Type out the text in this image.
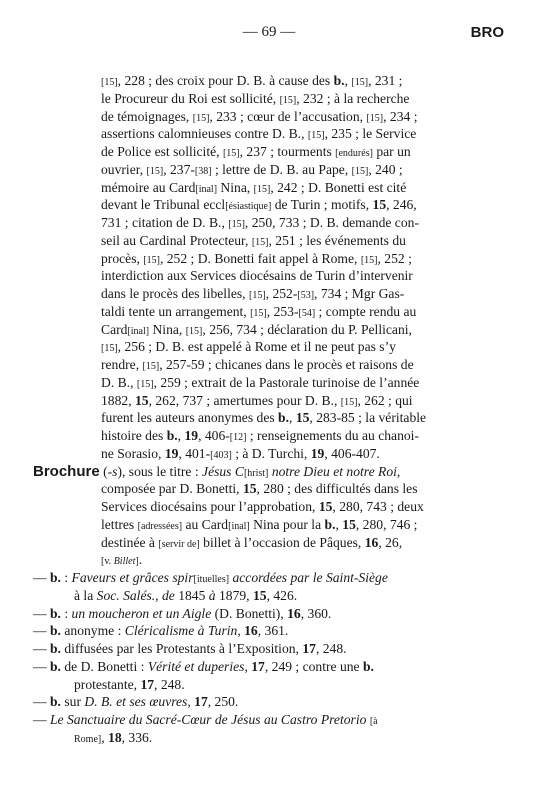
— 69 —	BRO
[15], 228 ; des croix pour D. B. à cause des b., [15], 231 ;
le Procureur du Roi est sollicité, [15], 232 ; à la recherche
de témoignages, [15], 233 ; cœur de l’accusation, [15], 234 ;
assertions calomnieuses contre D. B., [15], 235 ; le Service
de Police est sollicité, [15], 237 ; tourments [endurés] par un
ouvrier, [15], 237-[38] ; lettre de D. B. au Pape, [15], 240 ;
mémoire au Card[inal] Nina, [15], 242 ; D. Bonetti est cité
devant le Tribunal eccl[ésiastique] de Turin ; motifs, 15, 246,
731 ; citation de D. B., [15], 250, 733 ; D. B. demande con-
seil au Cardinal Protecteur, [15], 251 ; les événements du
procès, [15], 252 ; D. Bonetti fait appel à Rome, [15], 252 ;
interdiction aux Services diocésains de Turin d’intervenir
dans le procès des libelles, [15], 252-[53], 734 ; Mgr Gas-
taldi tente un arrangement, [15], 253-[54] ; compte rendu au
Card[inal] Nina, [15], 256, 734 ; déclaration du P. Pellicani,
[15], 256 ; D. B. est appelé à Rome et il ne peut pas s’y
rendre, [15], 257-59 ; chicanes dans le procès et raisons de
D. B., [15], 259 ; extrait de la Pastorale turinoise de l’année
1882, 15, 262, 737 ; amertumes pour D. B., [15], 262 ; qui
furent les auteurs anonymes des b., 15, 283-85 ; la véritable
histoire des b., 19, 406-[12] ; renseignements du au chanoi-
ne Sorasio, 19, 401-[403] ; à D. Turchi, 19, 406-407.
Brochure (-s), sous le titre : Jésus C[hrist] notre Dieu et notre Roi,
composée par D. Bonetti, 15, 280 ; des difficultés dans les
Services diocésains pour l’approbation, 15, 280, 743 ; deux
lettres [adressées] au Card[inal] Nina pour la b., 15, 280, 746 ;
destinée à [servir de] billet à l’occasion de Pâques, 16, 26,
[v. Billet].
— b. : Faveurs et grâces spir[ituelles] accordées par le Saint-Siège
à la Soc. Salés., de 1845 à 1879, 15, 426.
— b. : un moucheron et un Aigle (D. Bonetti), 16, 360.
— b. anonyme : Cléricalisme à Turin, 16, 361.
— b. diffusées par les Protestants à l’Exposition, 17, 248.
— b. de D. Bonetti : Vérité et duperies, 17, 249 ; contre une b.
protestante, 17, 248.
— b. sur D. B. et ses œuvres, 17, 250.
— Le Sanctuaire du Sacré-Cœur de Jésus au Castro Pretorio [à
Rome], 18, 336.
